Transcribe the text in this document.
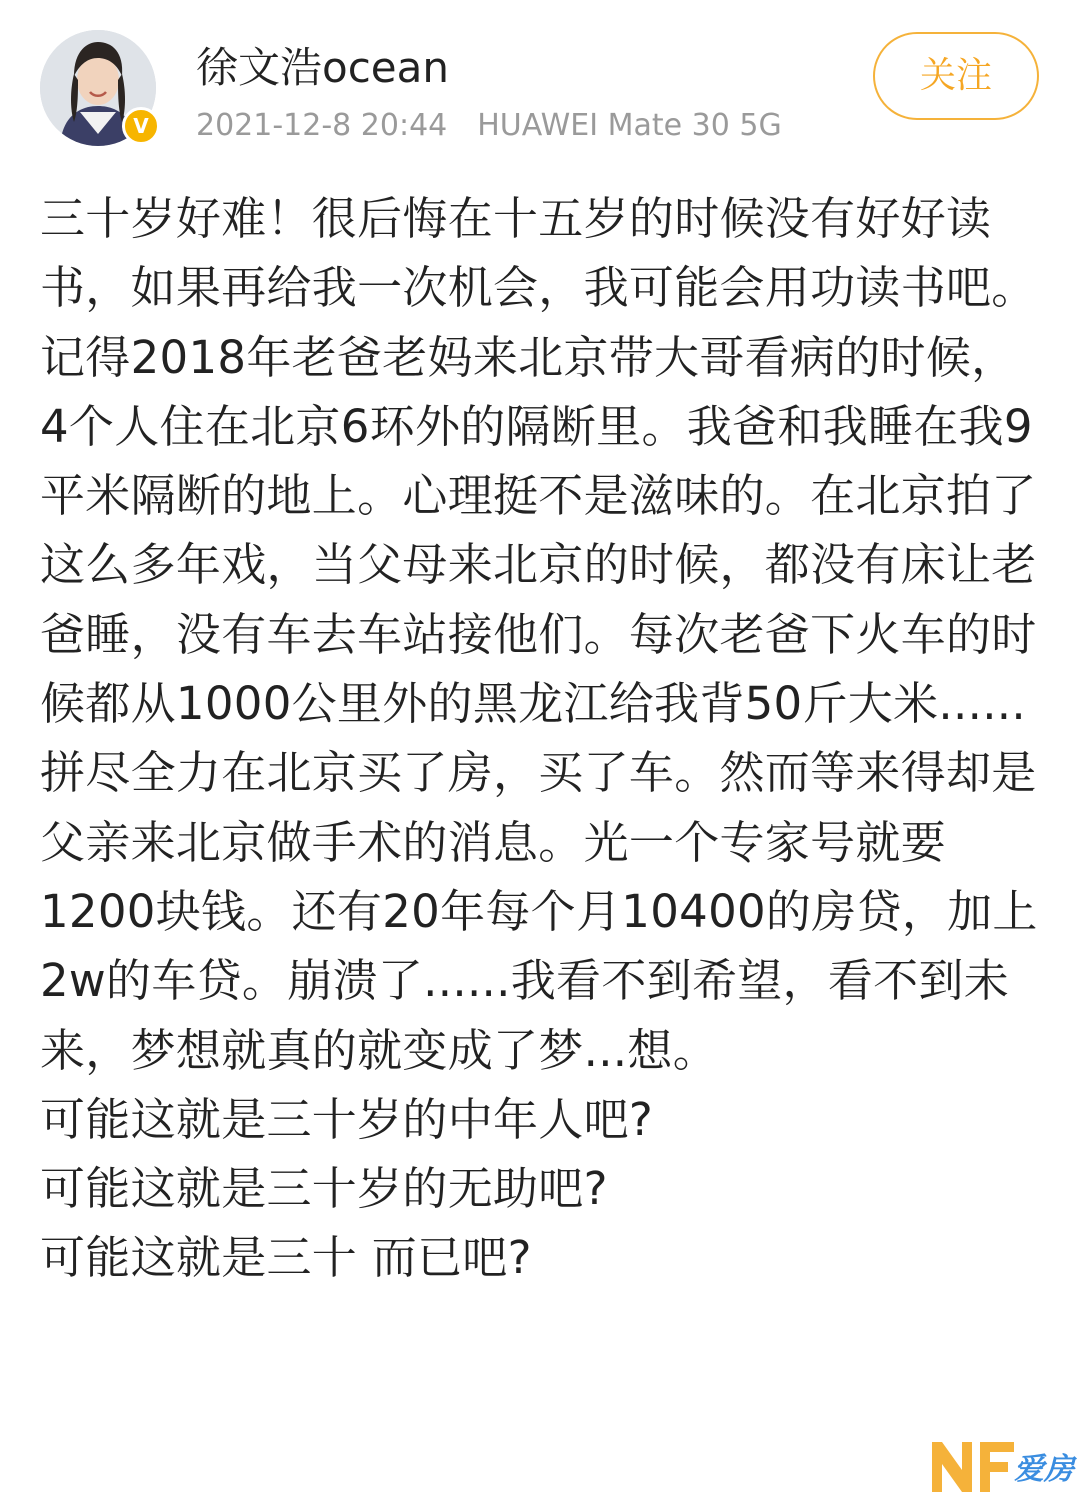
V
徐文浩ocean
2021-12-8 20:44 HUAWEI Mate 30 5G
关注

三十岁好难！很后悔在十五岁的时候没有好好读书，如果再给我一次机会，我可能会用功读书吧。

记得2018年老爸老妈来北京带大哥看病的时候，4个人住在北京6环外的隔断里。我爸和我睡在我9平米隔断的地上。心理挺不是滋味的。在北京拍了这么多年戏，当父母来北京的时候，都没有床让老爸睡，没有车去车站接他们。每次老爸下火车的时候都从1000公里外的黑龙江给我背50斤大米......

拼尽全力在北京买了房，买了车。然而等来得却是父亲来北京做手术的消息。光一个专家号就要1200块钱。还有20年每个月10400的房贷，加上2w的车贷。崩溃了......我看不到希望，看不到未来，梦想就真的就变成了梦...想。

可能这就是三十岁的中年人吧?

可能这就是三十岁的无助吧?

可能这就是三十 而已吧?

爱房
